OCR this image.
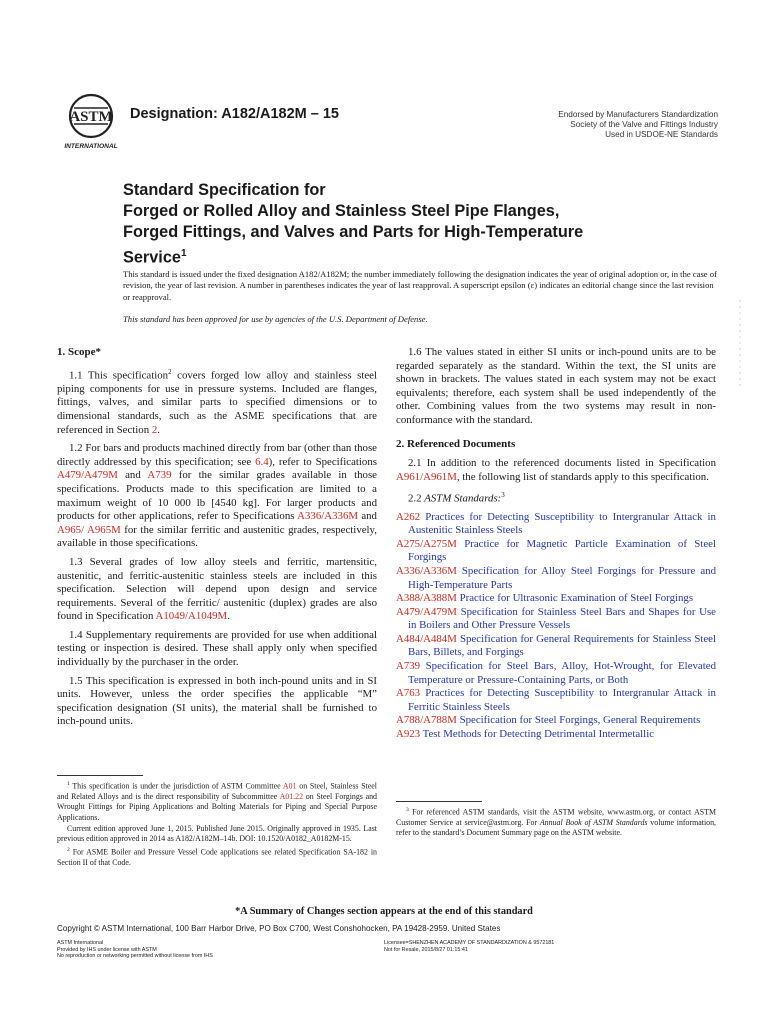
ASTM
INTERNATIONAL
Designation: A182/A182M – 15	Endorsed by Manufacturers Standardization
Society of the Valve and Fittings Industry
Used in USDOE-NE Standards
Standard Specification for
Forged or Rolled Alloy and Stainless Steel Pipe Flanges,
Forged Fittings, and Valves and Parts for High-Temperature
Service$^1$
This standard is issued under the fixed designation A182/A182M; the number immediately following the designation indicates the year of original adoption or, in the case of revision, the year of last revision. A number in parentheses indicates the year of last reapproval. A superscript epsilon (ε) indicates an editorial change since the last revision or reapproval.
This standard has been approved for use by agencies of the U.S. Department of Defense.
1. Scope*

1.1 This specification$^2$ covers forged low alloy and stainless steel piping components for use in pressure systems. Included are flanges, fittings, valves, and similar parts to specified dimensions or to dimensional standards, such as the ASME specifications that are referenced in Section 2.

1.2 For bars and products machined directly from bar (other than those directly addressed by this specification; see 6.4), refer to Specifications A479/A479M and A739 for the similar grades available in those specifications. Products made to this specification are limited to a maximum weight of 10 000 lb [4540 kg]. For larger products and products for other applications, refer to Specifications A336/A336M and A965/ A965M for the similar ferritic and austenitic grades, respectively, available in those specifications.

1.3 Several grades of low alloy steels and ferritic, martensitic, austenitic, and ferritic-austenitic stainless steels are included in this specification. Selection will depend upon design and service requirements. Several of the ferritic/ austenitic (duplex) grades are also found in Specification A1049/A1049M.

1.4 Supplementary requirements are provided for use when additional testing or inspection is desired. These shall apply only when specified individually by the purchaser in the order.

1.5 This specification is expressed in both inch-pound units and in SI units. However, unless the order specifies the applicable “M” specification designation (SI units), the material shall be furnished to inch-pound units.

1.6 The values stated in either SI units or inch-pound units are to be regarded separately as the standard. Within the text, the SI units are shown in brackets. The values stated in each system may not be exact equivalents; therefore, each system shall be used independently of the other. Combining values from the two systems may result in non-conformance with the standard.

2. Referenced Documents

2.1 In addition to the referenced documents listed in Specification A961/A961M, the following list of standards apply to this specification.

2.2 ASTM Standards:$^3$
A262 Practices for Detecting Susceptibility to Intergranular Attack in Austenitic Stainless Steels
A275/A275M Practice for Magnetic Particle Examination of Steel Forgings
A336/A336M Specification for Alloy Steel Forgings for Pressure and High-Temperature Parts
A388/A388M Practice for Ultrasonic Examination of Steel Forgings
A479/A479M Specification for Stainless Steel Bars and Shapes for Use in Boilers and Other Pressure Vessels
A484/A484M Specification for General Requirements for Stainless Steel Bars, Billets, and Forgings
A739 Specification for Steel Bars, Alloy, Hot-Wrought, for Elevated Temperature or Pressure-Containing Parts, or Both
A763 Practices for Detecting Susceptibility to Intergranular Attack in Ferritic Stainless Steels
A788/A788M Specification for Steel Forgings, General Requirements
A923 Test Methods for Detecting Detrimental Intermetallic

$^1$ This specification is under the jurisdiction of ASTM Committee A01 on Steel, Stainless Steel and Related Alloys and is the direct responsibility of Subcommittee A01.22 on Steel Forgings and Wrought Fittings for Piping Applications and Bolting Materials for Piping and Special Purpose Applications.

Current edition approved June 1, 2015. Published June 2015. Originally approved in 1935. Last previous edition approved in 2014 as A182/A182M–14b. DOI: 10.1520/A0182_A0182M-15.

$^2$ For ASME Boiler and Pressure Vessel Code applications see related Specification SA-182 in Section II of that Code.

$^3$ For referenced ASTM standards, visit the ASTM website, www.astm.org, or contact ASTM Customer Service at service@astm.org. For Annual Book of ASTM Standards volume information, refer to the standard’s Document Summary page on the ASTM website.

*A Summary of Changes section appears at the end of this standard
Copyright © ASTM International, 100 Barr Harbor Drive, PO Box C700, West Conshohocken, PA 19428-2959. United States
ASTM International
Provided by IHS under license with ASTM
No reproduction or networking permitted without license from IHS
Licensee=SHENZHEN ACADEMY OF STANDARDIZATION & 9572181
Not for Resale, 2015/8/27 01:15:41
